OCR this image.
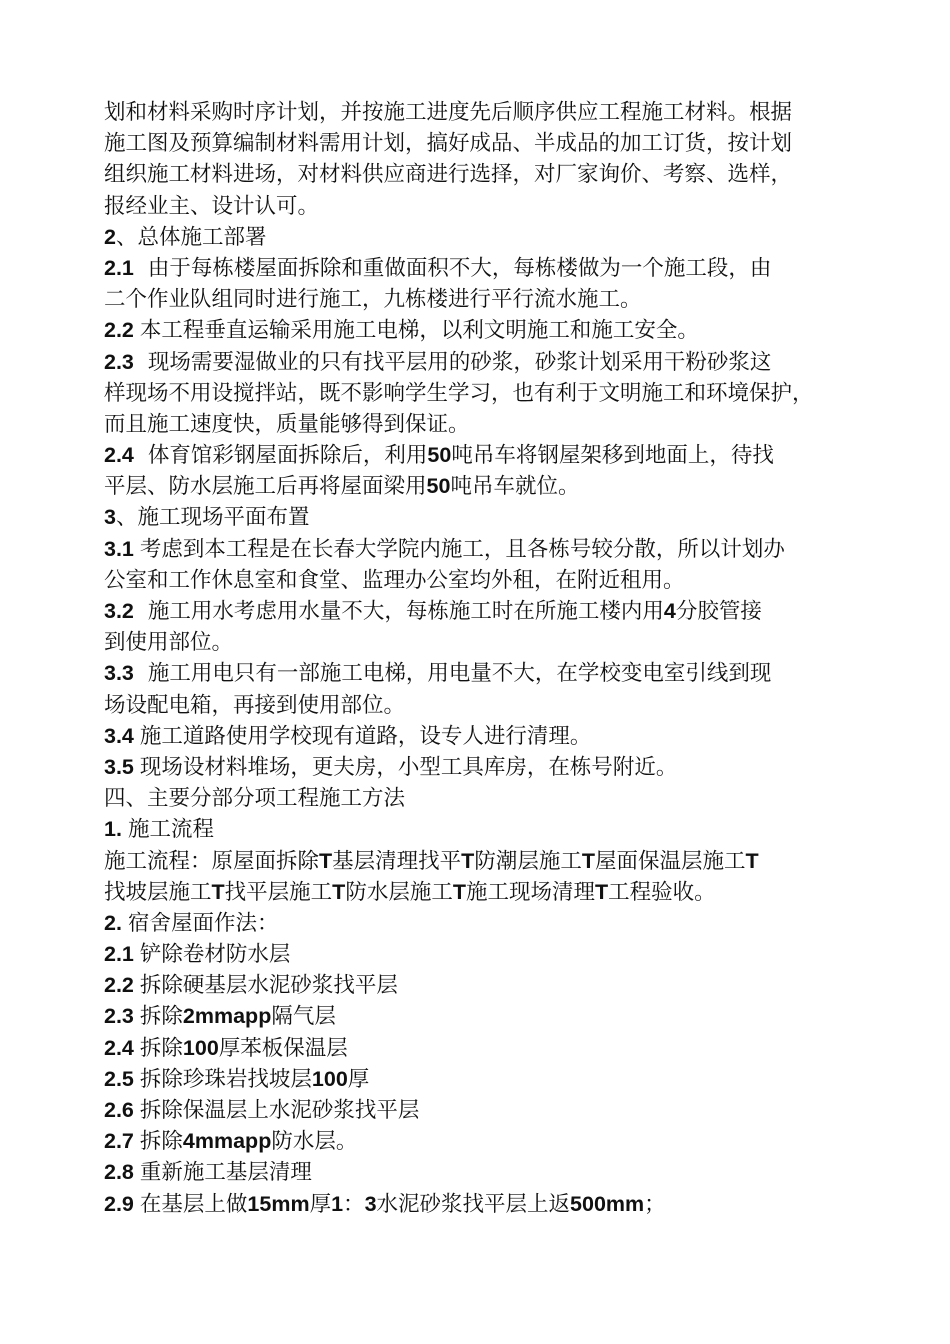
划和材料采购时序计划，并按施工进度先后顺序供应工程施工材料。根据
施工图及预算编制材料需用计划，搞好成品、半成品的加工订货，按计划
组织施工材料进场，对材料供应商进行选择，对厂家询价、考察、选样，
报经业主、设计认可。
2、总体施工部署
2.1 由于每栋楼屋面拆除和重做面积不大，每栋楼做为一个施工段，由
二个作业队组同时进行施工，九栋楼进行平行流水施工。
2.2 本工程垂直运输采用施工电梯，以利文明施工和施工安全。
2.3 现场需要湿做业的只有找平层用的砂浆，砂浆计划采用干粉砂浆这
样现场不用设搅拌站，既不影响学生学习，也有利于文明施工和环境保护，
而且施工速度快，质量能够得到保证。
2.4 体育馆彩钢屋面拆除后，利用50吨吊车将钢屋架移到地面上，待找
平层、防水层施工后再将屋面梁用50吨吊车就位。
3、施工现场平面布置
3.1 考虑到本工程是在长春大学院内施工，且各栋号较分散，所以计划办
公室和工作休息室和食堂、监理办公室均外租，在附近租用。
3.2 施工用水考虑用水量不大，每栋施工时在所施工楼内用4分胶管接
到使用部位。
3.3 施工用电只有一部施工电梯，用电量不大，在学校变电室引线到现
场设配电箱，再接到使用部位。
3.4 施工道路使用学校现有道路，设专人进行清理。
3.5 现场设材料堆场，更夫房，小型工具库房，在栋号附近。
四、主要分部分项工程施工方法
1. 施工流程
施工流程：原屋面拆除T基层清理找平T防潮层施工T屋面保温层施工T
找坡层施工T找平层施工T防水层施工T施工现场清理T工程验收。
2. 宿舍屋面作法：
2.1 铲除卷材防水层
2.2 拆除硬基层水泥砂浆找平层
2.3 拆除2mmapp隔气层
2.4 拆除100厚苯板保温层
2.5 拆除珍珠岩找坡层100厚
2.6 拆除保温层上水泥砂浆找平层
2.7 拆除4mmapp防水层。
2.8 重新施工基层清理
2.9 在基层上做15mm厚1：3水泥砂浆找平层上返500mm；
